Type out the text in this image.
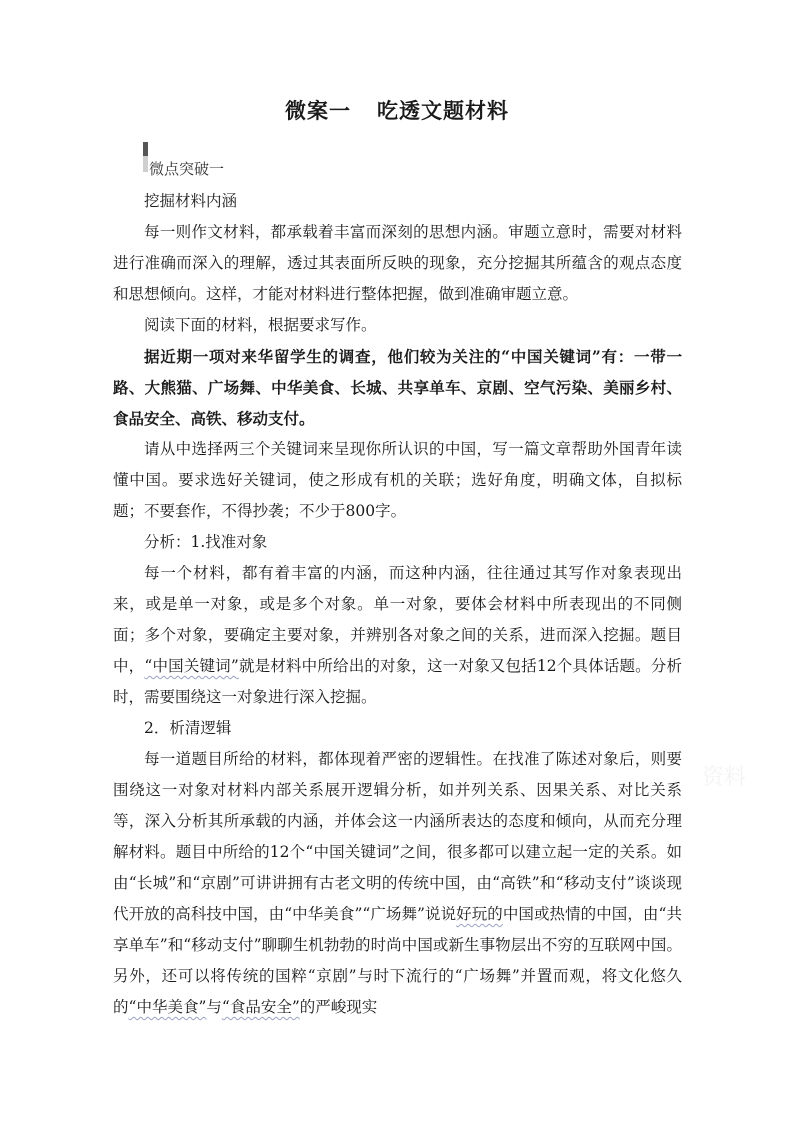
微案一 吃透文题材料
微点突破一

挖掘材料内涵

每一则作文材料，都承载着丰富而深刻的思想内涵。审题立意时，需要对材料进行准确而深入的理解，透过其表面所反映的现象，充分挖掘其所蕴含的观点态度和思想倾向。这样，才能对材料进行整体把握，做到准确审题立意。

阅读下面的材料，根据要求写作。

据近期一项对来华留学生的调查，他们较为关注的“中国关键词”有：一带一路、大熊猫、广场舞、中华美食、长城、共享单车、京剧、空气污染、美丽乡村、食品安全、高铁、移动支付。

请从中选择两三个关键词来呈现你所认识的中国，写一篇文章帮助外国青年读懂中国。要求选好关键词，使之形成有机的关联；选好角度，明确文体，自拟标题；不要套作，不得抄袭；不少于800字。

分析：1.找准对象

每一个材料，都有着丰富的内涵，而这种内涵，往往通过其写作对象表现出来，或是单一对象，或是多个对象。单一对象，要体会材料中所表现出的不同侧面；多个对象，要确定主要对象，并辨别各对象之间的关系，进而深入挖掘。题目中，“中国关键词”就是材料中所给出的对象，这一对象又包括12个具体话题。分析时，需要围绕这一对象进行深入挖掘。

2．析清逻辑

每一道题目所给的材料，都体现着严密的逻辑性。在找准了陈述对象后，则要围绕这一对象对材料内部关系展开逻辑分析，如并列关系、因果关系、对比关系等，深入分析其所承载的内涵，并体会这一内涵所表达的态度和倾向，从而充分理解材料。题目中所给的12个“中国关键词”之间，很多都可以建立起一定的关系。如由“长城”和“京剧”可讲讲拥有古老文明的传统中国，由“高铁”和“移动支付”谈谈现代开放的高科技中国，由“中华美食”“广场舞”说说好玩的中国或热情的中国，由“共享单车”和“移动支付”聊聊生机勃勃的时尚中国或新生事物层出不穷的互联网中国。另外，还可以将传统的国粹“京剧”与时下流行的“广场舞”并置而观，将文化悠久的“中华美食”与“食品安全”的严峻现实

资料
